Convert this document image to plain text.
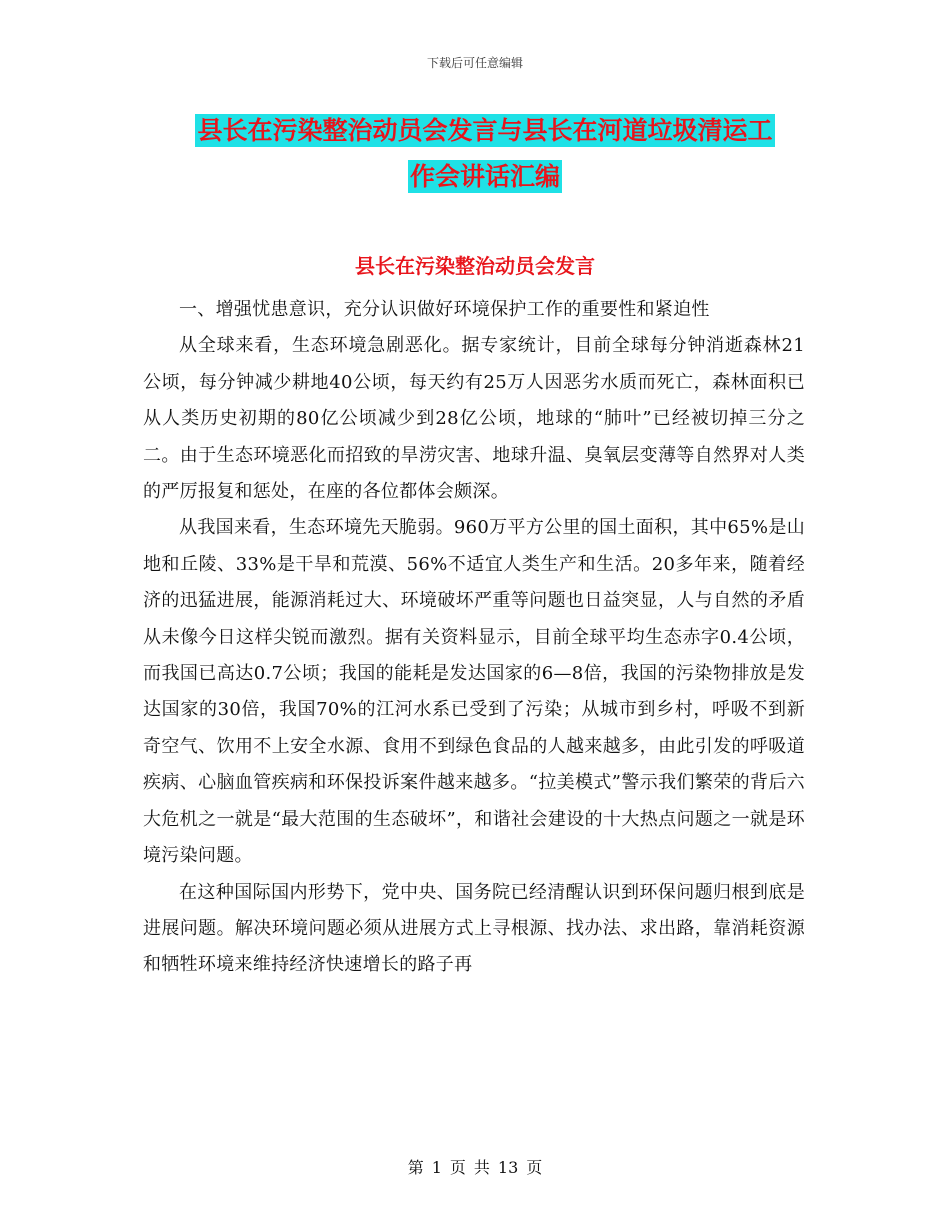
下载后可任意编辑
县长在污染整治动员会发言与县长在河道垃圾清运工
作会讲话汇编
县长在污染整治动员会发言

一、增强忧患意识，充分认识做好环境保护工作的重要性和紧迫性

从全球来看，生态环境急剧恶化。据专家统计，目前全球每分钟消逝森林21公顷，每分钟减少耕地40公顷，每天约有25万人因恶劣水质而死亡，森林面积已从人类历史初期的80亿公顷减少到28亿公顷，地球的“肺叶”已经被切掉三分之二。由于生态环境恶化而招致的旱涝灾害、地球升温、臭氧层变薄等自然界对人类的严厉报复和惩处，在座的各位都体会颇深。

从我国来看，生态环境先天脆弱。960万平方公里的国土面积，其中65%是山地和丘陵、33%是干旱和荒漠、56%不适宜人类生产和生活。20多年来，随着经济的迅猛进展，能源消耗过大、环境破坏严重等问题也日益突显，人与自然的矛盾从未像今日这样尖锐而激烈。据有关资料显示，目前全球平均生态赤字0.4公顷，而我国已高达0.7公顷；我国的能耗是发达国家的6—8倍，我国的污染物排放是发达国家的30倍，我国70%的江河水系已受到了污染；从城市到乡村，呼吸不到新奇空气、饮用不上安全水源、食用不到绿色食品的人越来越多，由此引发的呼吸道疾病、心脑血管疾病和环保投诉案件越来越多。“拉美模式”警示我们繁荣的背后六大危机之一就是“最大范围的生态破坏”，和谐社会建设的十大热点问题之一就是环境污染问题。

在这种国际国内形势下，党中央、国务院已经清醒认识到环保问题归根到底是进展问题。解决环境问题必须从进展方式上寻根源、找办法、求出路，靠消耗资源和牺牲环境来维持经济快速增长的路子再

第 1 页 共 13 页
